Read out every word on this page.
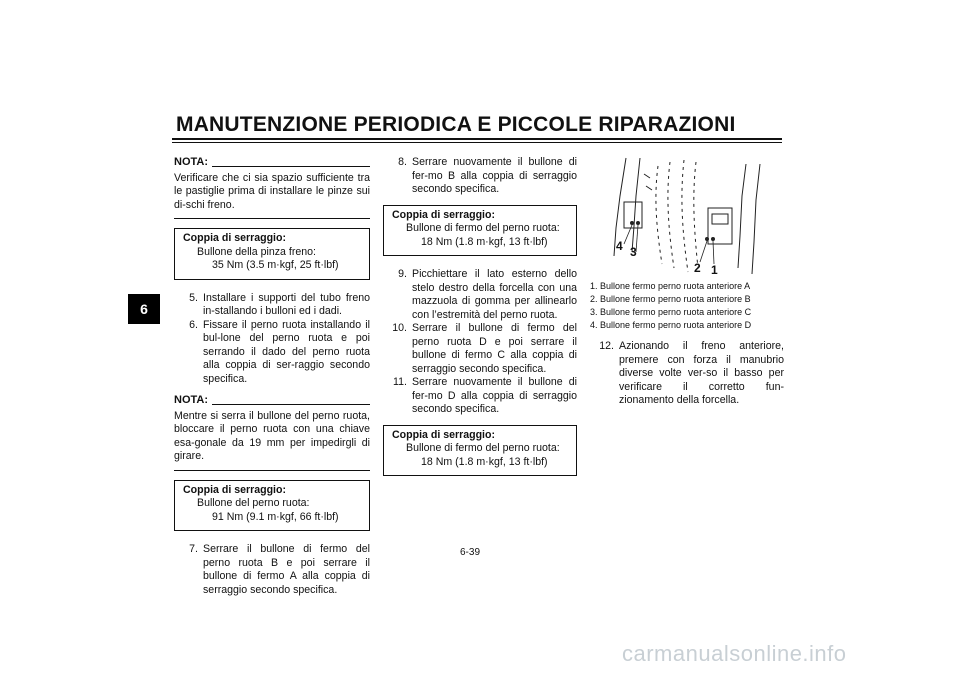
MANUTENZIONE PERIODICA E PICCOLE RIPARAZIONI
6
NOTA:
Verificare che ci sia spazio sufficiente tra le pastiglie prima di installare le pinze sui di-schi freno.
Coppia di serraggio:
Bullone della pinza freno:
35 Nm (3.5 m·kgf, 25 ft·lbf)
5. Installare i supporti del tubo freno in-stallando i bulloni ed i dadi.
6. Fissare il perno ruota installando il bul-lone del perno ruota e poi serrando il dado del perno ruota alla coppia di ser-raggio secondo specifica.
NOTA:
Mentre si serra il bullone del perno ruota, bloccare il perno ruota con una chiave esa-gonale da 19 mm per impedirgli di girare.
Coppia di serraggio:
Bullone del perno ruota:
91 Nm (9.1 m·kgf, 66 ft·lbf)
7. Serrare il bullone di fermo del perno ruota B e poi serrare il bullone di fermo A alla coppia di serraggio secondo specifica.
8. Serrare nuovamente il bullone di fer-mo B alla coppia di serraggio secondo specifica.
Coppia di serraggio:
Bullone di fermo del perno ruota:
18 Nm (1.8 m·kgf, 13 ft·lbf)
9. Picchiettare il lato esterno dello stelo destro della forcella con una mazzuola di gomma per allinearlo con l’estremità del perno ruota.
10. Serrare il bullone di fermo del perno ruota D e poi serrare il bullone di fermo C alla coppia di serraggio secondo specifica.
11. Serrare nuovamente il bullone di fer-mo D alla coppia di serraggio secondo specifica.
Coppia di serraggio:
Bullone di fermo del perno ruota:
18 Nm (1.8 m·kgf, 13 ft·lbf)
4 3
2 1
1. Bullone fermo perno ruota anteriore A
2. Bullone fermo perno ruota anteriore B
3. Bullone fermo perno ruota anteriore C
4. Bullone fermo perno ruota anteriore D
12. Azionando il freno anteriore, premere con forza il manubrio diverse volte ver-so il basso per verificare il corretto fun-zionamento della forcella.
6-39
carmanualsonline.info
